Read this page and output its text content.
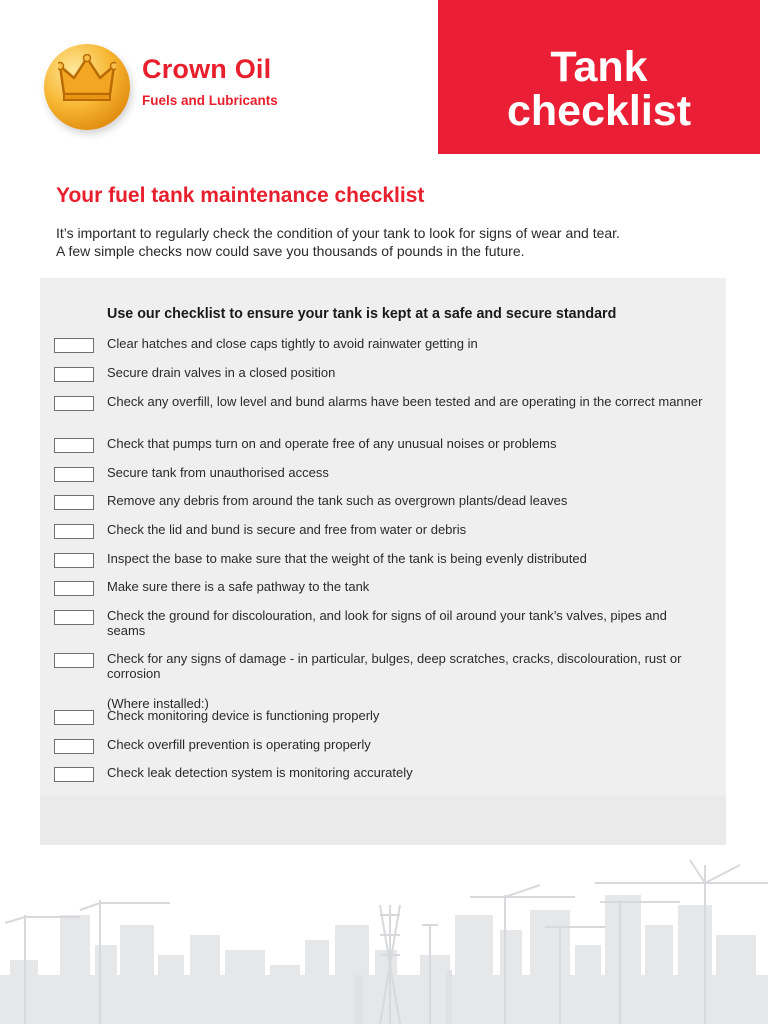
Crown Oil
Fuels and Lubricants
Tank
checklist
Your fuel tank maintenance checklist
It’s important to regularly check the condition of your tank to look for signs of wear and tear.
A few simple checks now could save you thousands of pounds in the future.
Use our checklist to ensure your tank is kept at a safe and secure standard
Clear hatches and close caps tightly to avoid rainwater getting in
Secure drain valves in a closed position
Check any overfill, low level and bund alarms have been tested and are operating in the correct manner
Check that pumps turn on and operate free of any unusual noises or problems
Secure tank from unauthorised access
Remove any debris from around the tank such as overgrown plants/dead leaves
Check the lid and bund is secure and free from water or debris
Inspect the base to make sure that the weight of the tank is being evenly distributed
Make sure there is a safe pathway to the tank
Check the ground for discolouration, and look for signs of oil around your tank’s valves, pipes and seams
Check for any signs of damage - in particular, bulges, deep scratches, cracks, discolouration, rust or corrosion
(Where installed:)
Check monitoring device is functioning properly
Check overfill prevention is operating properly
Check leak detection system is monitoring accurately
